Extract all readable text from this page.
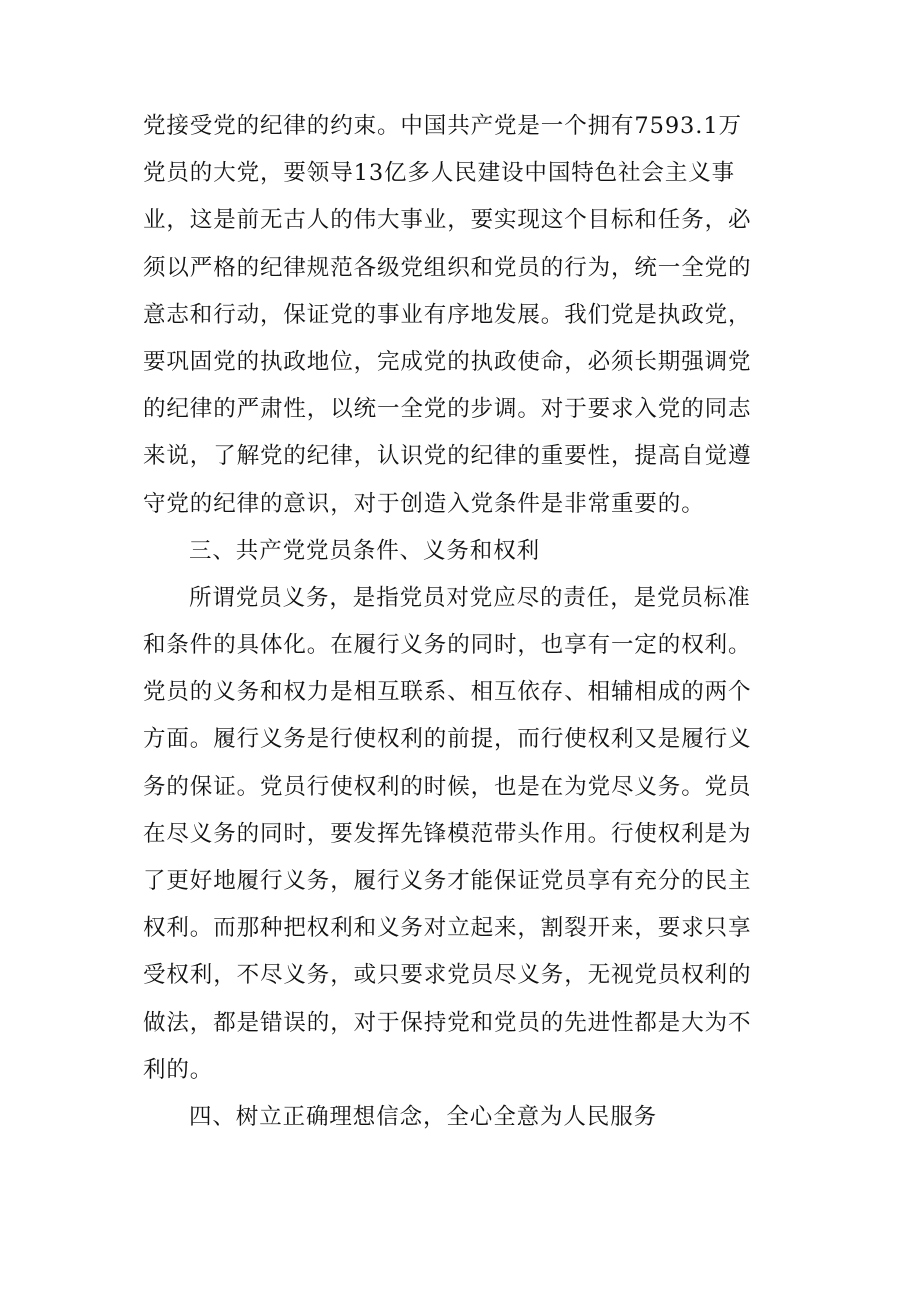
党接受党的纪律的约束。中国共产党是一个拥有7593.1万
党员的大党，要领导13亿多人民建设中国特色社会主义事
业，这是前无古人的伟大事业，要实现这个目标和任务，必
须以严格的纪律规范各级党组织和党员的行为，统一全党的
意志和行动，保证党的事业有序地发展。我们党是执政党，
要巩固党的执政地位，完成党的执政使命，必须长期强调党
的纪律的严肃性，以统一全党的步调。对于要求入党的同志
来说，了解党的纪律，认识党的纪律的重要性，提高自觉遵
守党的纪律的意识，对于创造入党条件是非常重要的。
三、共产党党员条件、义务和权利
所谓党员义务，是指党员对党应尽的责任，是党员标准
和条件的具体化。在履行义务的同时，也享有一定的权利。
党员的义务和权力是相互联系、相互依存、相辅相成的两个
方面。履行义务是行使权利的前提，而行使权利又是履行义
务的保证。党员行使权利的时候，也是在为党尽义务。党员
在尽义务的同时，要发挥先锋模范带头作用。行使权利是为
了更好地履行义务，履行义务才能保证党员享有充分的民主
权利。而那种把权利和义务对立起来，割裂开来，要求只享
受权利，不尽义务，或只要求党员尽义务，无视党员权利的
做法，都是错误的，对于保持党和党员的先进性都是大为不
利的。
四、树立正确理想信念，全心全意为人民服务
